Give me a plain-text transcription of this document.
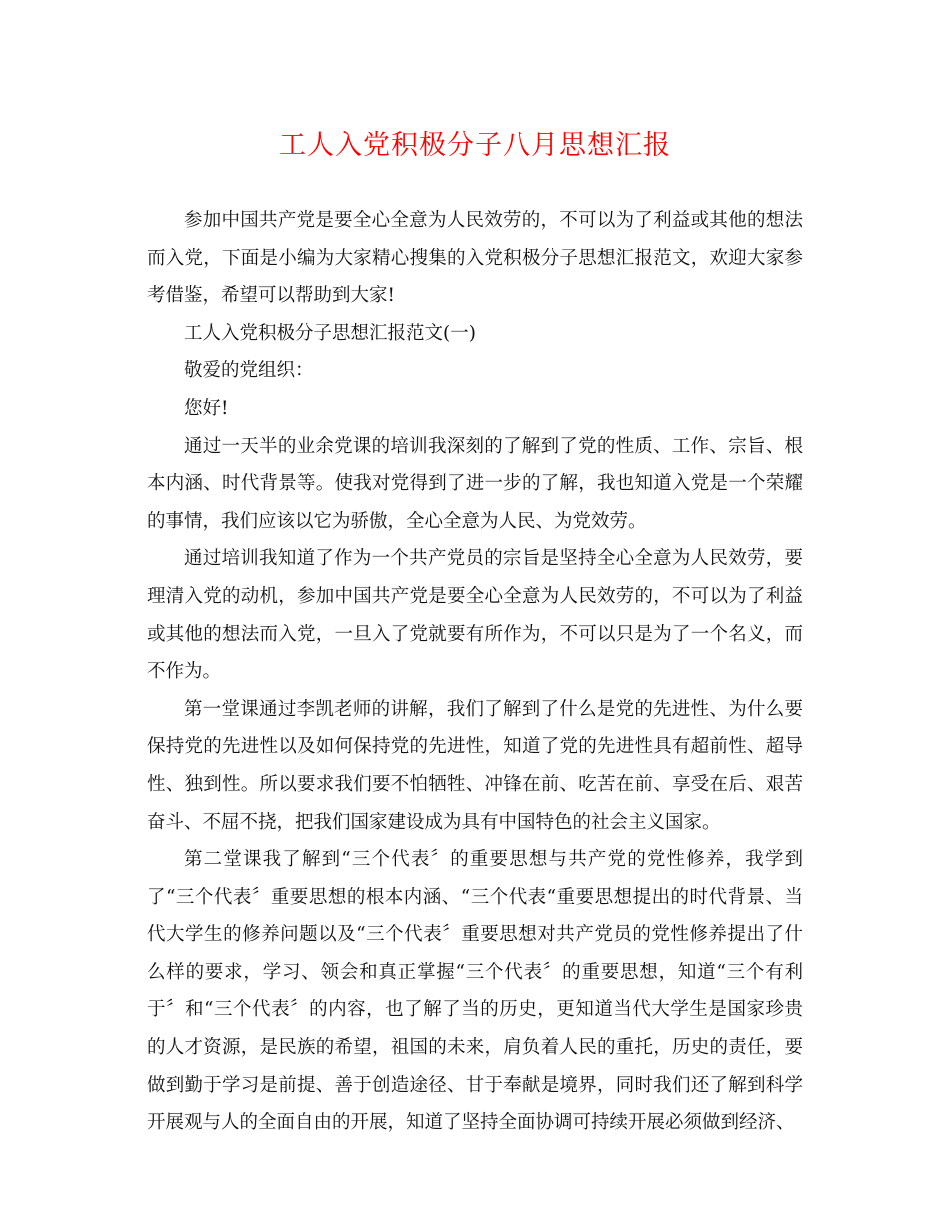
工人入党积极分子八月思想汇报

参加中国共产党是要全心全意为人民效劳的，不可以为了利益或其他的想法而入党，下面是小编为大家精心搜集的入党积极分子思想汇报范文，欢迎大家参考借鉴，希望可以帮助到大家!

工人入党积极分子思想汇报范文(一)

敬爱的党组织：

您好!

通过一天半的业余党课的培训我深刻的了解到了党的性质、工作、宗旨、根本内涵、时代背景等。使我对党得到了进一步的了解，我也知道入党是一个荣耀的事情，我们应该以它为骄傲，全心全意为人民、为党效劳。

通过培训我知道了作为一个共产党员的宗旨是坚持全心全意为人民效劳，要理清入党的动机，参加中国共产党是要全心全意为人民效劳的，不可以为了利益或其他的想法而入党，一旦入了党就要有所作为，不可以只是为了一个名义，而不作为。

第一堂课通过李凯老师的讲解，我们了解到了什么是党的先进性、为什么要保持党的先进性以及如何保持党的先进性，知道了党的先进性具有超前性、超导性、独到性。所以要求我们要不怕牺牲、冲锋在前、吃苦在前、享受在后、艰苦奋斗、不屈不挠，把我们国家建设成为具有中国特色的社会主义国家。

第二堂课我了解到“三个代表〞的重要思想与共产党的党性修养，我学到了“三个代表〞重要思想的根本内涵、“三个代表“重要思想提出的时代背景、当代大学生的修养问题以及“三个代表〞重要思想对共产党员的党性修养提出了什么样的要求，学习、领会和真正掌握“三个代表〞的重要思想，知道“三个有利于〞和“三个代表〞的内容，也了解了当的历史，更知道当代大学生是国家珍贵的人才资源，是民族的希望，祖国的未来，肩负着人民的重托，历史的责任，要做到勤于学习是前提、善于创造途径、甘于奉献是境界，同时我们还了解到科学开展观与人的全面自由的开展，知道了坚持全面协调可持续开展必须做到经济、
